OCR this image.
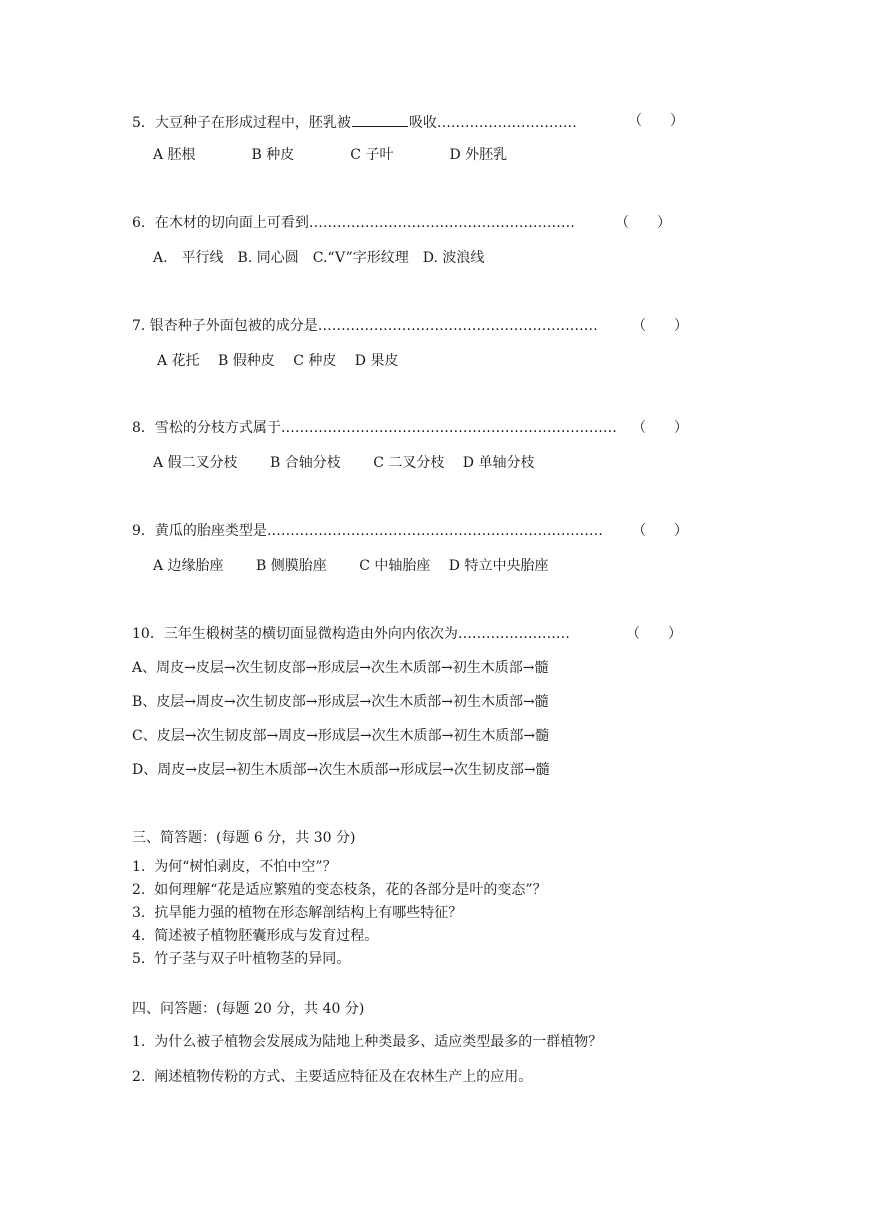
5．大豆种子在形成过程中，胚乳被	吸收…………………………	（　　）
A 胚根　　　　B 种皮　　　　C 子叶　　　　D 外胚乳
6．在木材的切向面上可看到…………………………………………………	（　　）
A.　平行线　B. 同心圆　C.“V”字形纹理　D. 波浪线
7. 银杏种子外面包被的成分是…………………………………………………… （　　）
A 花托　 B 假种皮　 C 种皮　 D 果皮
8．雪松的分枝方式属于……………………………………………………………… （　　）
A 假二叉分枝　　 B 合轴分枝　　 C 二叉分枝　 D 单轴分枝
9．黄瓜的胎座类型是……………………………………………………………… （　　）
A 边缘胎座　　 B 侧膜胎座　　 C 中轴胎座　 D 特立中央胎座
10．三年生椴树茎的横切面显微构造由外向内依次为……………………	（　　）
A、周皮→皮层→次生韧皮部→形成层→次生木质部→初生木质部→髓
B、皮层→周皮→次生韧皮部→形成层→次生木质部→初生木质部→髓
C、皮层→次生韧皮部→周皮→形成层→次生木质部→初生木质部→髓
D、周皮→皮层→初生木质部→次生木质部→形成层→次生韧皮部→髓
三、简答题：(每题 6 分，共 30 分)
1.  为何“树怕剥皮，不怕中空”？
2.  如何理解“花是适应繁殖的变态枝条，花的各部分是叶的变态”？
3.  抗旱能力强的植物在形态解剖结构上有哪些特征？
4.  简述被子植物胚囊形成与发育过程。
5.  竹子茎与双子叶植物茎的异同。
四、问答题：(每题 20 分，共 40 分)
1.  为什么被子植物会发展成为陆地上种类最多、适应类型最多的一群植物？
2.  阐述植物传粉的方式、主要适应特征及在农林生产上的应用。
